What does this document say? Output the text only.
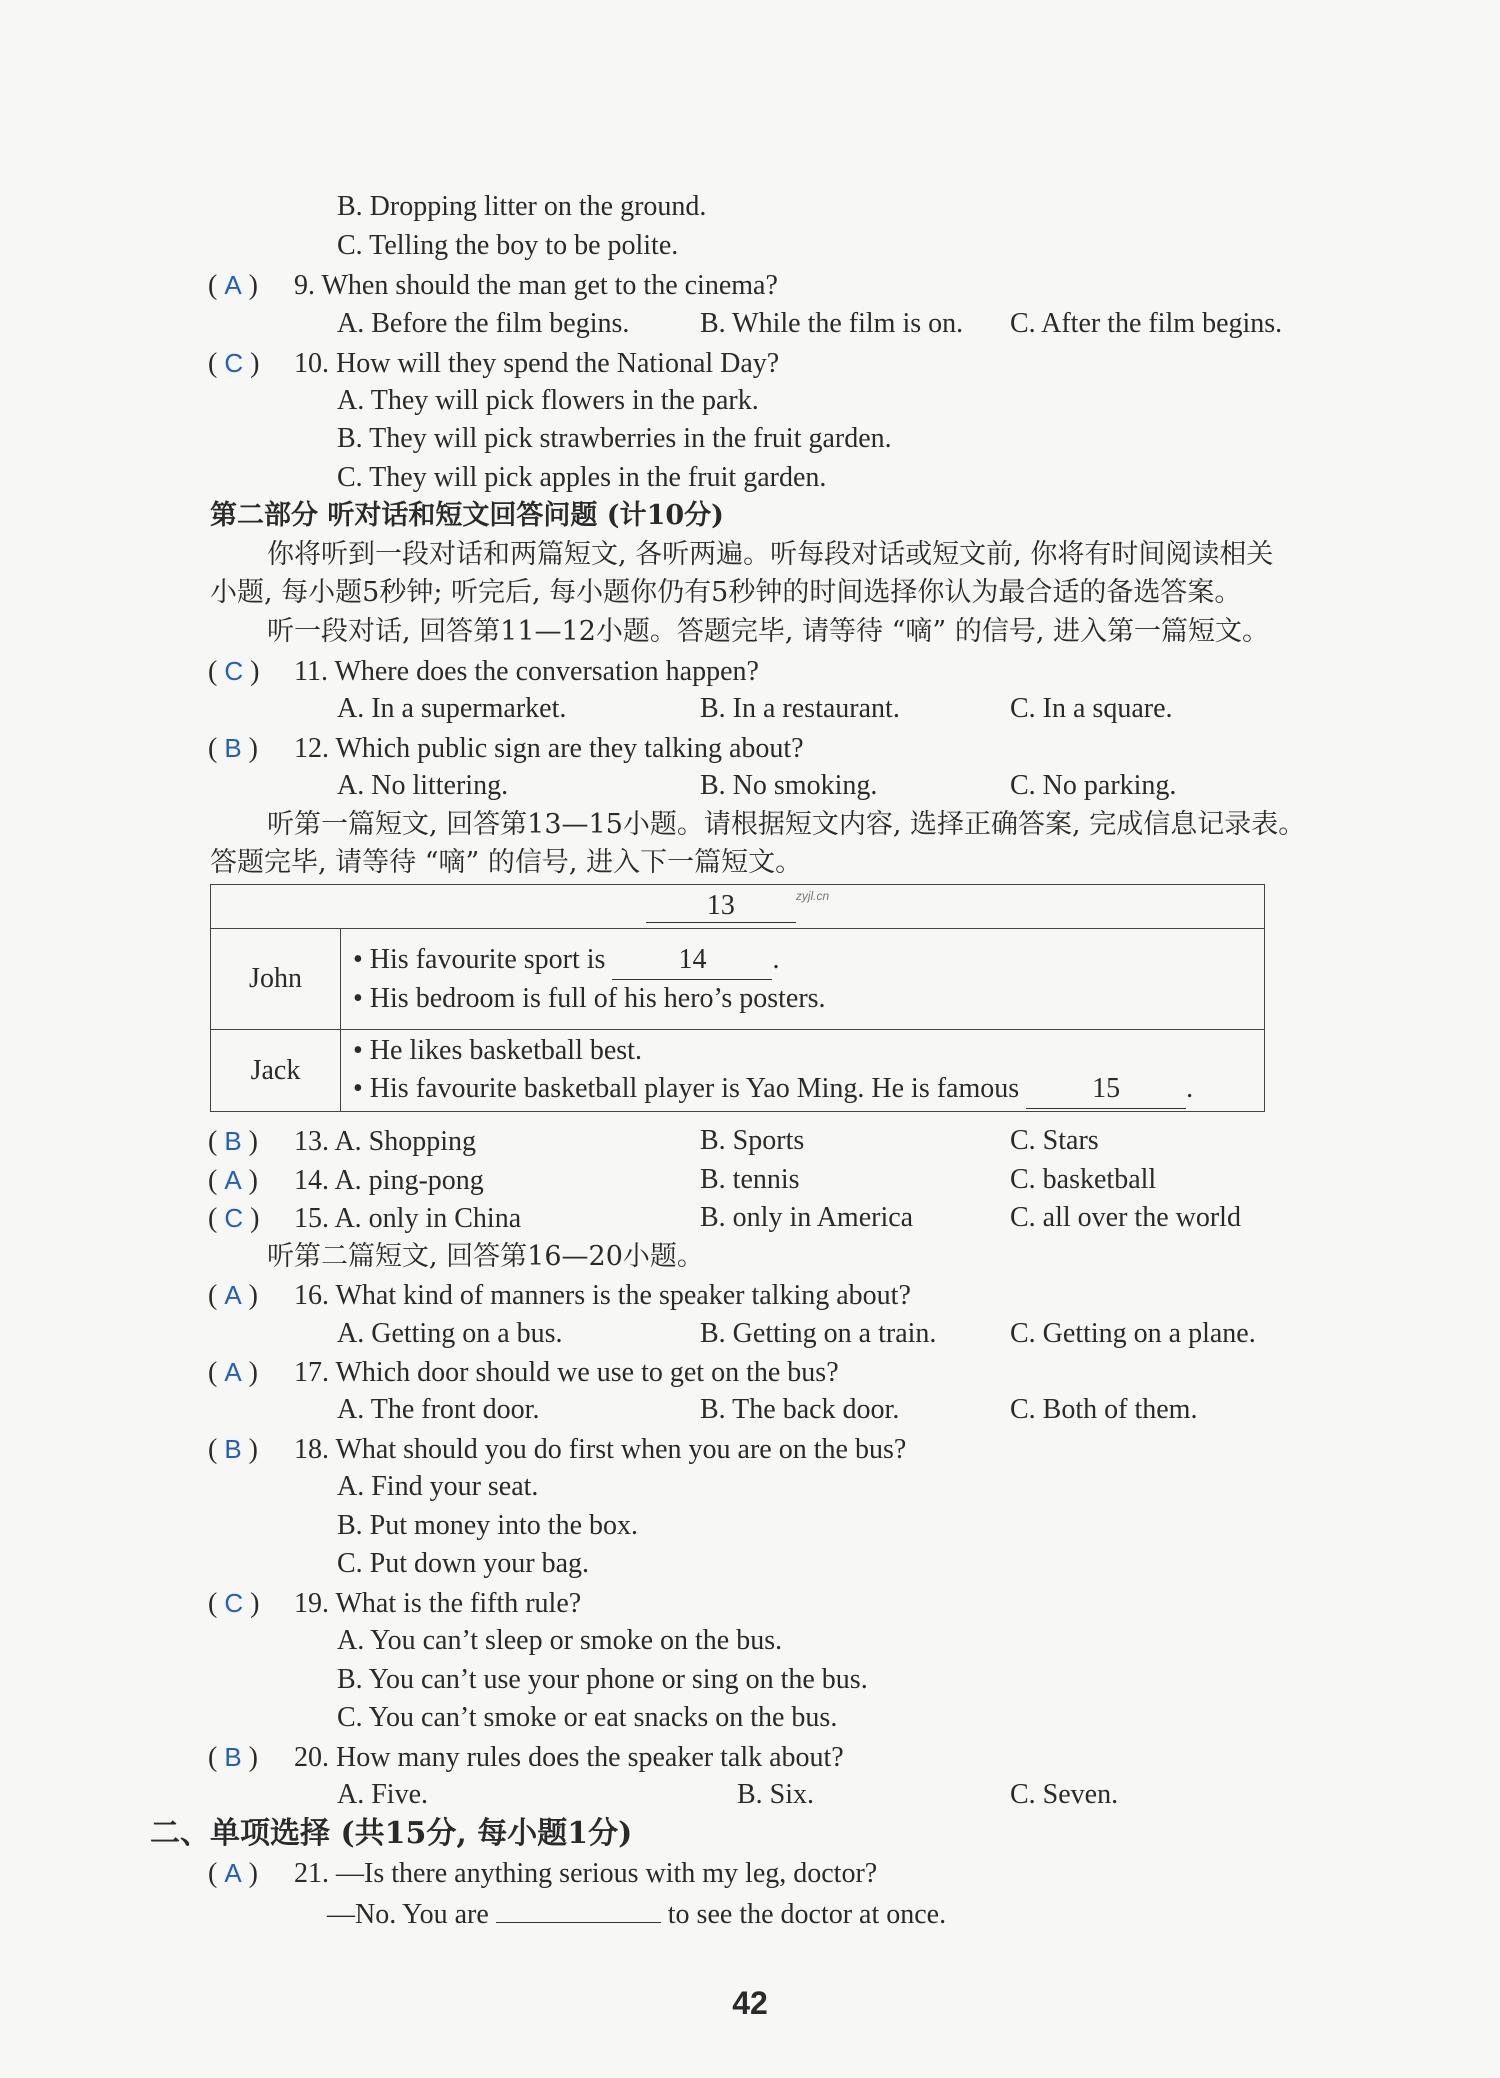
B. Dropping litter on the ground.
C. Telling the boy to be polite.
( A ) 9. When should the man get to the cinema?
A. Before the film begins.	B. While the film is on. C. After the film begins.
( C ) 10. How will they spend the National Day?
A. They will pick flowers in the park.
B. They will pick strawberries in the fruit garden.
C. They will pick apples in the fruit garden.
第二部分 听对话和短文回答问题 (计10分)
你将听到一段对话和两篇短文, 各听两遍。听每段对话或短文前, 你将有时间阅读相关
小题, 每小题5秒钟; 听完后, 每小题你仍有5秒钟的时间选择你认为最合适的备选答案。
听一段对话, 回答第11—12小题。答题完毕, 请等待 “嘀” 的信号, 进入第一篇短文。
( C ) 11. Where does the conversation happen?
A. In a supermarket.	B. In a restaurant.	C. In a square.
( B ) 12. Which public sign are they talking about?
A. No littering.	B. No smoking.	C. No parking.
听第一篇短文, 回答第13—15小题。请根据短文内容, 选择正确答案, 完成信息记录表。
答题完毕, 请等待 “嘀” 的信号, 进入下一篇短文。
13 $^{zyjl.cn}$
John	• His favourite sport is 14 .
• His bedroom is full of his hero’s posters.

Jack	• He likes basketball best.
• His favourite basketball player is Yao Ming. He is famous 15 .
( B ) 13. A. Shopping	B. Sports	C. Stars
( A ) 14. A. ping-pong	B. tennis	C. basketball
( C ) 15. A. only in China	B. only in America	C. all over the world
听第二篇短文, 回答第16—20小题。
( A ) 16. What kind of manners is the speaker talking about?
A. Getting on a bus.	B. Getting on a train.	C. Getting on a plane.
( A ) 17. Which door should we use to get on the bus?
A. The front door.	B. The back door.	C. Both of them.
( B ) 18. What should you do first when you are on the bus?
A. Find your seat.
B. Put money into the box.
C. Put down your bag.
( C ) 19. What is the fifth rule?
A. You can’t sleep or smoke on the bus.
B. You can’t use your phone or sing on the bus.
C. You can’t smoke or eat snacks on the bus.
( B ) 20. How many rules does the speaker talk about?
A. Five.	B. Six.	C. Seven.
二、单项选择 (共15分, 每小题1分)
( A ) 21. —Is there anything serious with my leg, doctor?
—No. You are	to see the doctor at once.
42
